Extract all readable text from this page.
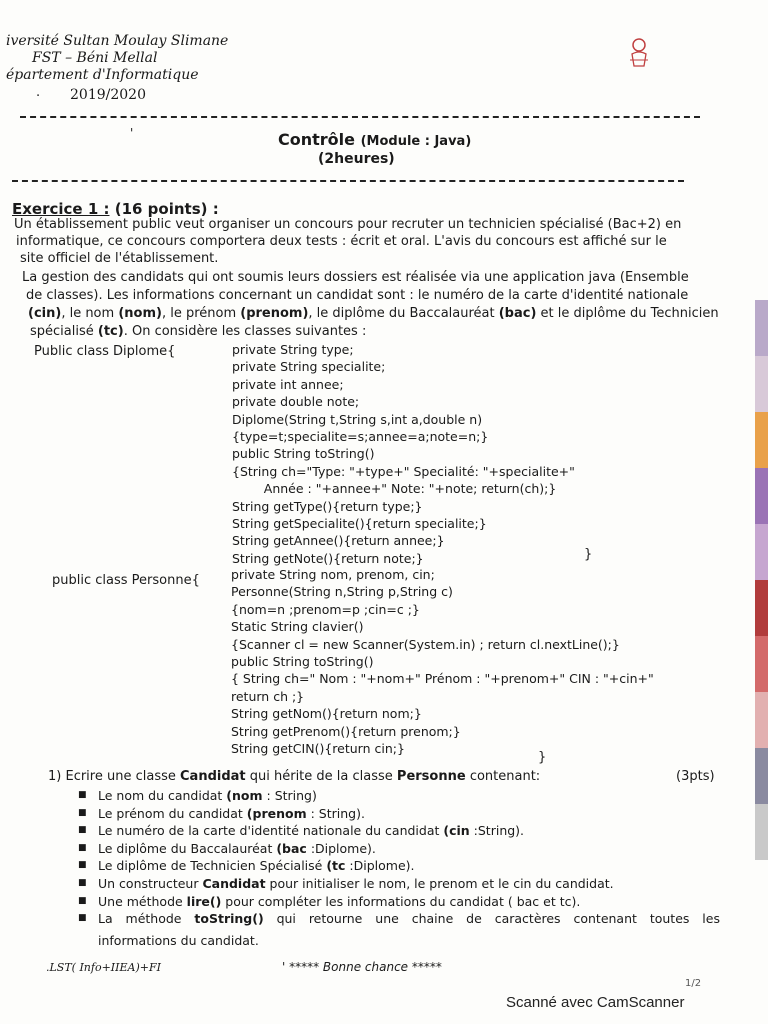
iversité Sultan Moulay Slimane
FST – Béni Mellal
épartement d'Informatique
· 2019/2020
'	Contrôle (Module : Java)
(2heures)
Exercice 1 : (16 points) :
Un établissement public veut organiser un concours pour recruter un technicien spécialisé (Bac+2) en
informatique, ce concours comportera deux tests : écrit et oral. L'avis du concours est affiché sur le
site officiel de l'établissement.
La gestion des candidats qui ont soumis leurs dossiers est réalisée via une application java (Ensemble
de classes). Les informations concernant un candidat sont : le numéro de la carte d'identité nationale
(cin), le nom (nom), le prénom (prenom), le diplôme du Baccalauréat (bac) et le diplôme du Technicien
spécialisé (tc). On considère les classes suivantes :
Public class Diplome{	private String type;
private String specialite;
private int annee;
private double note;
Diplome(String t,String s,int a,double n)
{type=t;specialite=s;annee=a;note=n;}
public String toString()
{String ch="Type: "+type+" Specialité: "+specialite+"
Année : "+annee+" Note: "+note; return(ch);}
String getType(){return type;}
String getSpecialite(){return specialite;}
String getAnnee(){return annee;}
String getNote(){return note;}	}
public class Personne{ private String nom, prenom, cin;
Personne(String n,String p,String c)
{nom=n ;prenom=p ;cin=c ;}
Static String clavier()
{Scanner cl = new Scanner(System.in) ; return cl.nextLine();}
public String toString()
{ String ch=" Nom : "+nom+" Prénom : "+prenom+" CIN : "+cin+"
return ch ;}
String getNom(){return nom;}
String getPrenom(){return prenom;}
String getCIN(){return cin;}
}
1) Ecrire une classe Candidat qui hérite de la classe Personne contenant:	(3pts)
■ Le nom du candidat (nom : String)
■ Le prénom du candidat (prenom : String).
■ Le numéro de la carte d'identité nationale du candidat (cin :String).
■ Le diplôme du Baccalauréat (bac :Diplome).
■ Le diplôme de Technicien Spécialisé (tc :Diplome).
■ Un constructeur Candidat pour initialiser le nom, le prenom et le cin du candidat.
■ Une méthode lire() pour compléter les informations du candidat ( bac et tc).
■ La méthode toString() qui retourne une chaine de caractères contenant toutes les
informations du candidat.
.LST( Info+IIEA)+FI	' ***** Bonne chance *****
1/2
Scanné avec CamScanner
